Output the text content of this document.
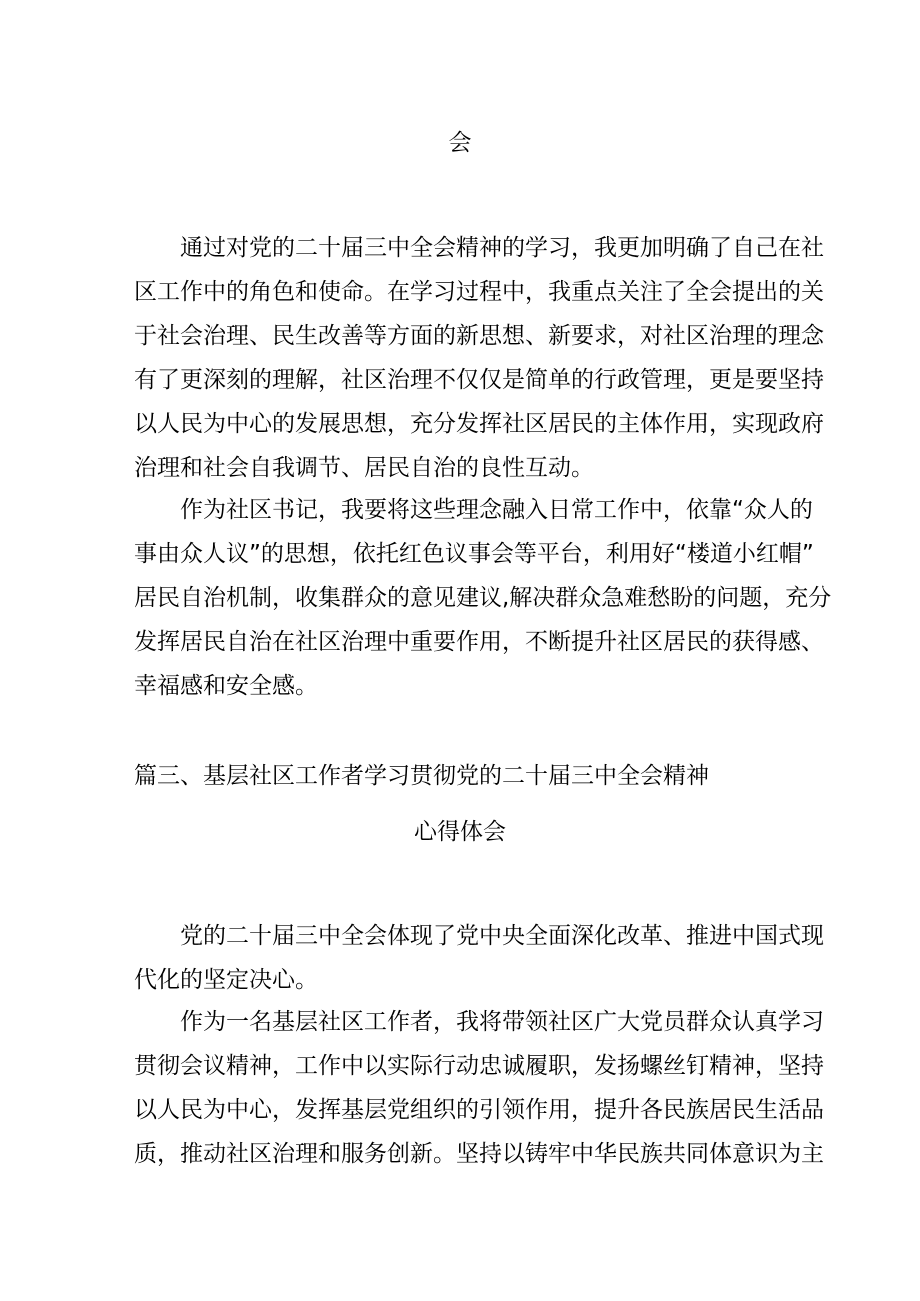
会
通过对党的二十届三中全会精神的学习，我更加明确了自己在社
区工作中的角色和使命。在学习过程中，我重点关注了全会提出的关
于社会治理、民生改善等方面的新思想、新要求，对社区治理的理念
有了更深刻的理解，社区治理不仅仅是简单的行政管理，更是要坚持
以人民为中心的发展思想，充分发挥社区居民的主体作用，实现政府
治理和社会自我调节、居民自治的良性互动。
作为社区书记，我要将这些理念融入日常工作中，依靠“众人的
事由众人议”的思想，依托红色议事会等平台，利用好“楼道小红帽”
居民自治机制，收集群众的意见建议,解决群众急难愁盼的问题，充分
发挥居民自治在社区治理中重要作用，不断提升社区居民的获得感、
幸福感和安全感。
篇三、基层社区工作者学习贯彻党的二十届三中全会精神
心得体会
党的二十届三中全会体现了党中央全面深化改革、推进中国式现
代化的坚定决心。
作为一名基层社区工作者，我将带领社区广大党员群众认真学习
贯彻会议精神，工作中以实际行动忠诚履职，发扬螺丝钉精神，坚持
以人民为中心，发挥基层党组织的引领作用，提升各民族居民生活品
质，推动社区治理和服务创新。坚持以铸牢中华民族共同体意识为主
